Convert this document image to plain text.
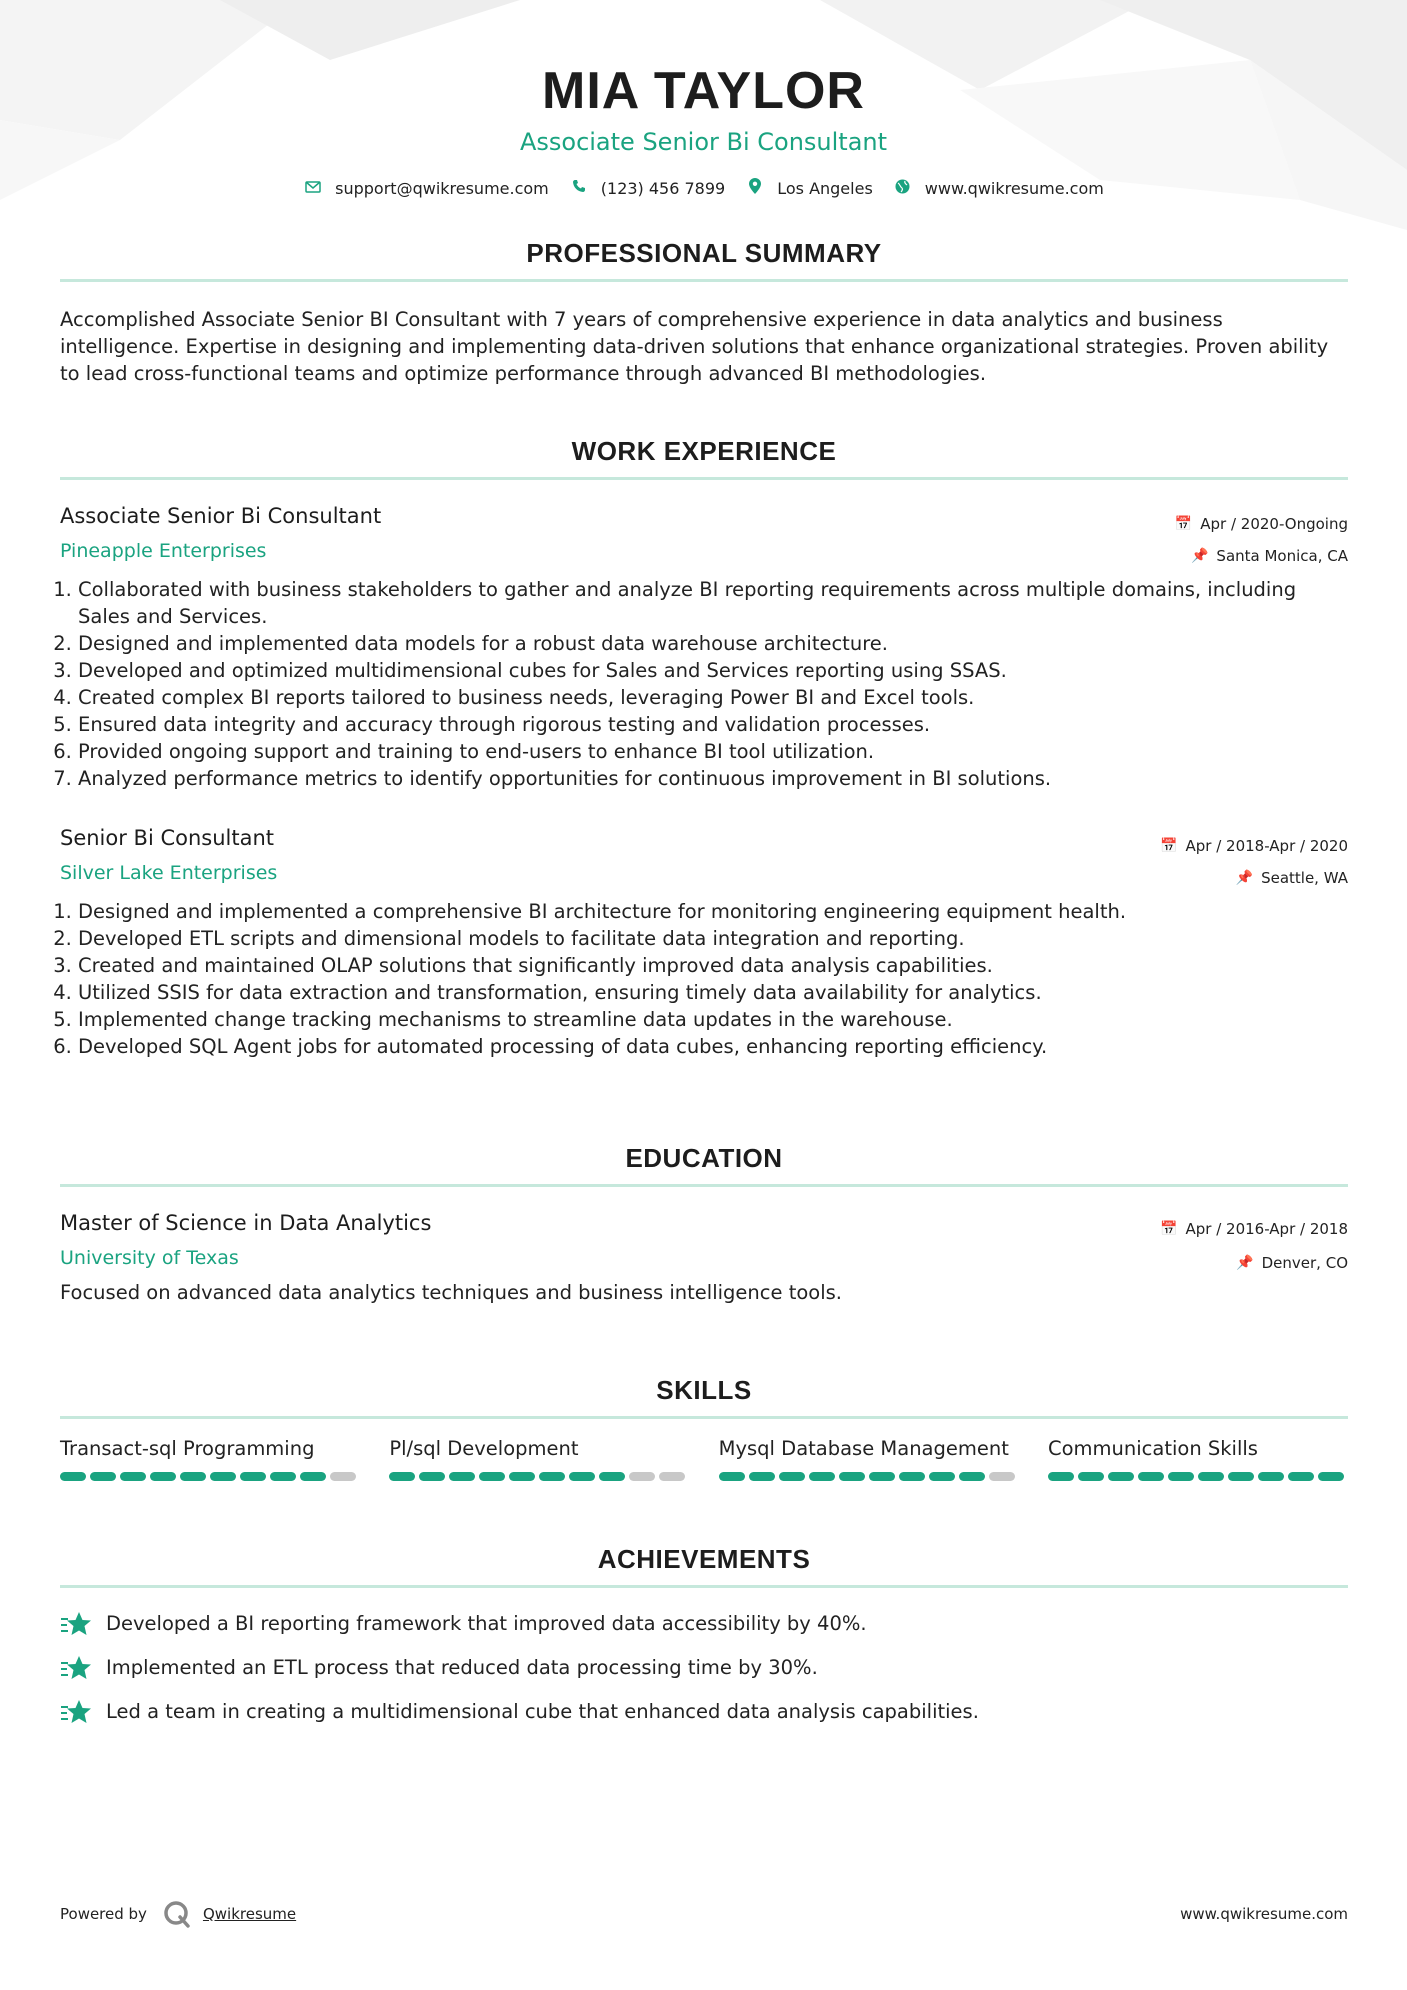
MIA TAYLOR
Associate Senior Bi Consultant
support@qwikresume.com	(123) 456 7899	Los Angeles	www.qwikresume.com
PROFESSIONAL SUMMARY

Accomplished Associate Senior BI Consultant with 7 years of comprehensive experience in data analytics and business intelligence. Expertise in designing and implementing data-driven solutions that enhance organizational strategies. Proven ability to lead cross-functional teams and optimize performance through advanced BI methodologies.

WORK EXPERIENCE
Associate Senior Bi Consultant
Pineapple Enterprises
📅 Apr / 2020-Ongoing
📌 Santa Monica, CA
1. Collaborated with business stakeholders to gather and analyze BI reporting requirements across multiple domains, including Sales and Services.
2. Designed and implemented data models for a robust data warehouse architecture.
3. Developed and optimized multidimensional cubes for Sales and Services reporting using SSAS.
4. Created complex BI reports tailored to business needs, leveraging Power BI and Excel tools.
5. Ensured data integrity and accuracy through rigorous testing and validation processes.
6. Provided ongoing support and training to end-users to enhance BI tool utilization.
7. Analyzed performance metrics to identify opportunities for continuous improvement in BI solutions.
Senior Bi Consultant
Silver Lake Enterprises
📅 Apr / 2018-Apr / 2020
📌 Seattle, WA
1. Designed and implemented a comprehensive BI architecture for monitoring engineering equipment health.
2. Developed ETL scripts and dimensional models to facilitate data integration and reporting.
3. Created and maintained OLAP solutions that significantly improved data analysis capabilities.
4. Utilized SSIS for data extraction and transformation, ensuring timely data availability for analytics.
5. Implemented change tracking mechanisms to streamline data updates in the warehouse.
6. Developed SQL Agent jobs for automated processing of data cubes, enhancing reporting efficiency.
EDUCATION
Master of Science in Data Analytics
University of Texas
📅 Apr / 2016-Apr / 2018
📌 Denver, CO

Focused on advanced data analytics techniques and business intelligence tools.

SKILLS
Transact-sql Programming	Pl/sql Development	Mysql Database Management	Communication Skills
ACHIEVEMENTS
Developed a BI reporting framework that improved data accessibility by 40%.
Implemented an ETL process that reduced data processing time by 30%.
Led a team in creating a multidimensional cube that enhanced data analysis capabilities.
Powered by	Qwikresume	www.qwikresume.com
